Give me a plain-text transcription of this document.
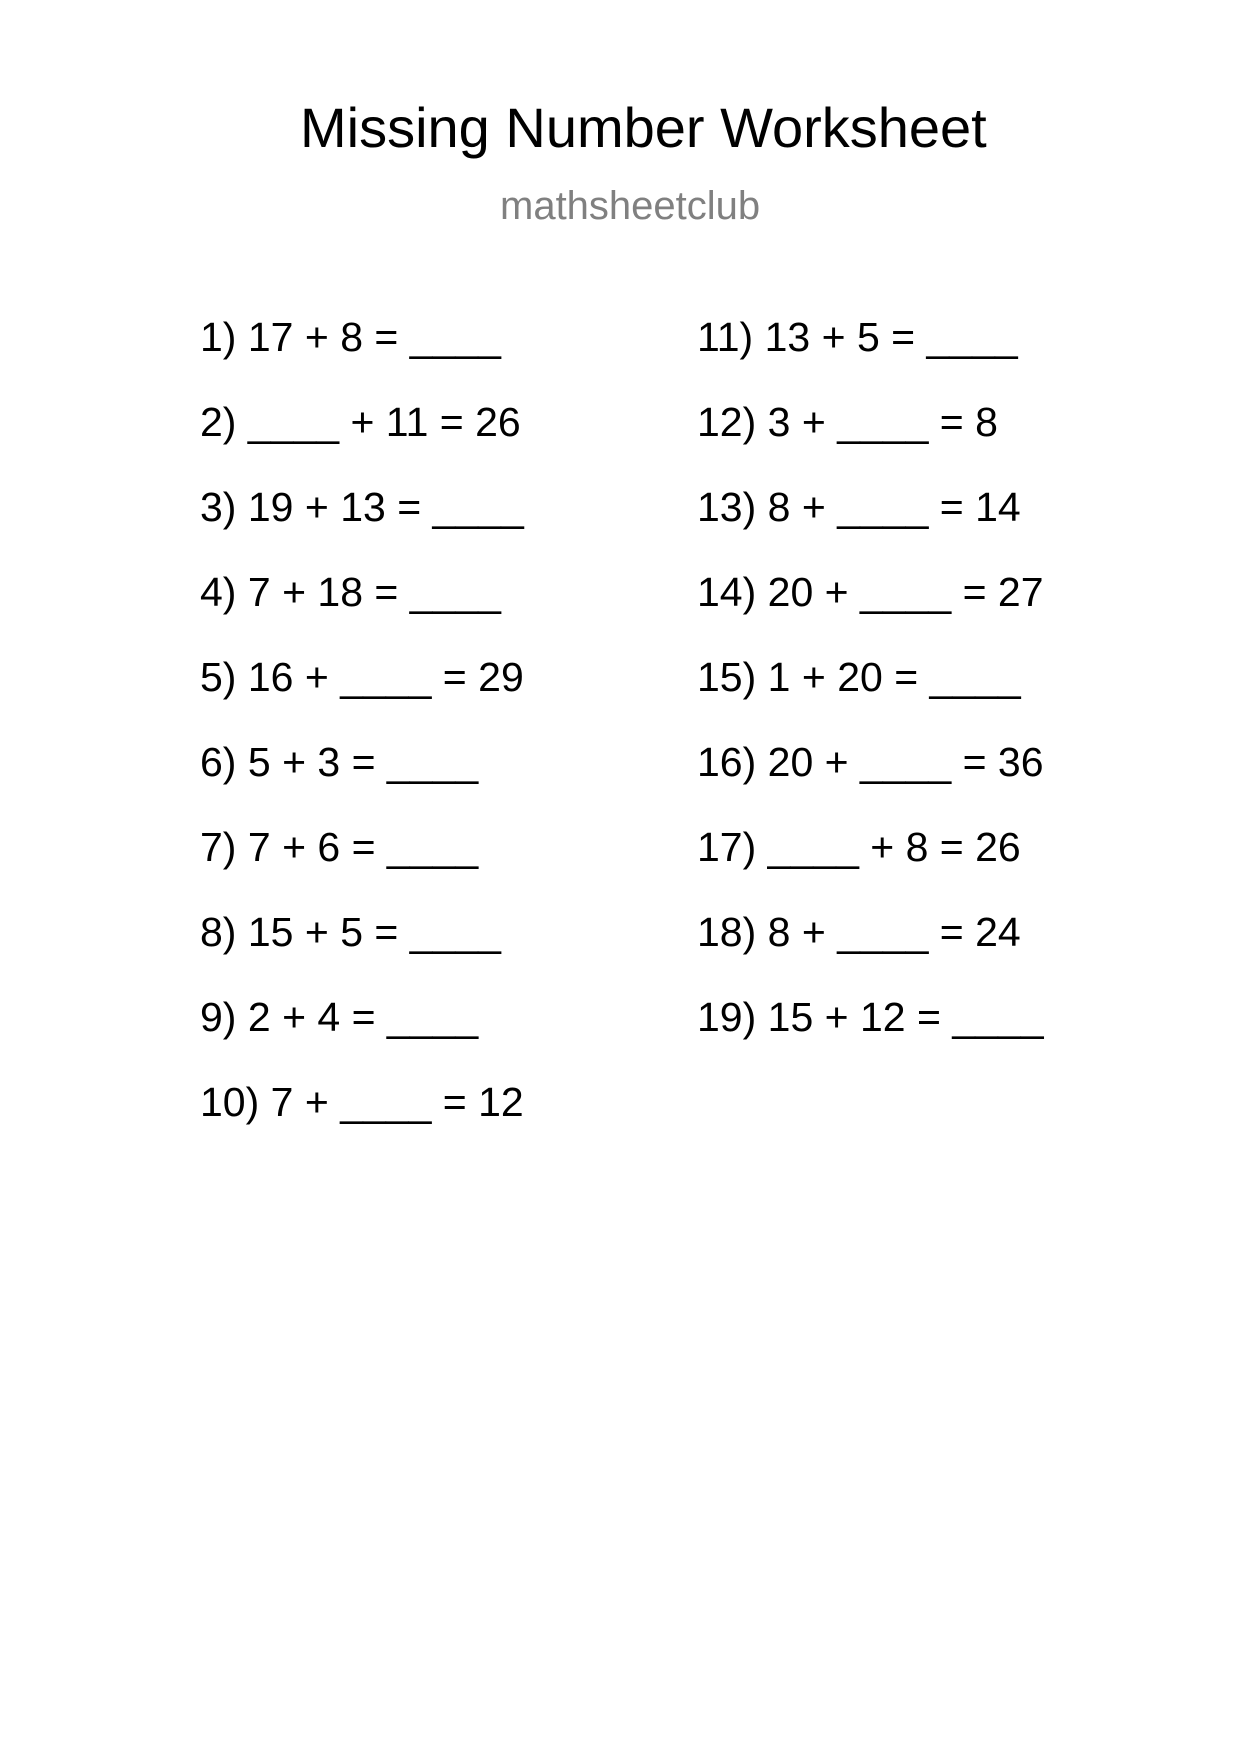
Missing Number Worksheet
mathsheetclub
1) 17 + 8 = ____
2) ____ + 11 = 26
3) 19 + 13 = ____
4) 7 + 18 = ____
5) 16 + ____ = 29
6) 5 + 3 = ____
7) 7 + 6 = ____
8) 15 + 5 = ____
9) 2 + 4 = ____
10) 7 + ____ = 12
11) 13 + 5 = ____
12) 3 + ____ = 8
13) 8 + ____ = 14
14) 20 + ____ = 27
15) 1 + 20 = ____
16) 20 + ____ = 36
17) ____ + 8 = 26
18) 8 + ____ = 24
19) 15 + 12 = ____
